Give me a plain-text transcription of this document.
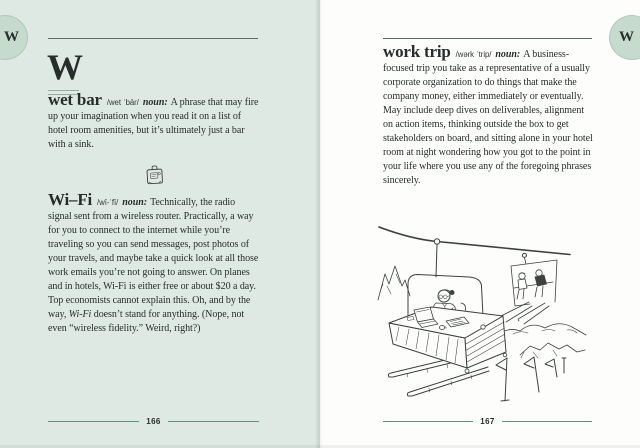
W

wet bar /wet ˈbär/ noun: A phrase that may fire up your imagination when you read it on a list of hotel room amenities, but it’s ultimately just a bar with a sink.

Wi–Fi /wī-ˈfī/ noun: Technically, the radio signal sent from a wireless router. Practically, a way for you to connect to the internet while you’re traveling so you can send messages, post photos of your travels, and maybe take a quick look at all those work emails you’re not going to answer. On planes and in hotels, Wi-Fi is either free or about $20 a day. Top economists cannot explain this. Oh, and by the way, Wi-Fi doesn’t stand for anything. (Nope, not even “wireless fidelity.” Weird, right?)

166
W

work trip /wərk ˈtrip/ noun: A business-focused trip you take as a representative of a usually corporate organization to do things that make the company money, either immediately or eventually. May include deep dives on deliverables, alignment on action items, thinking outside the box to get stakeholders on board, and sitting alone in your hotel room at night wondering how you got to the point in your life where you use any of the foregoing phrases sincerely.

167
W
